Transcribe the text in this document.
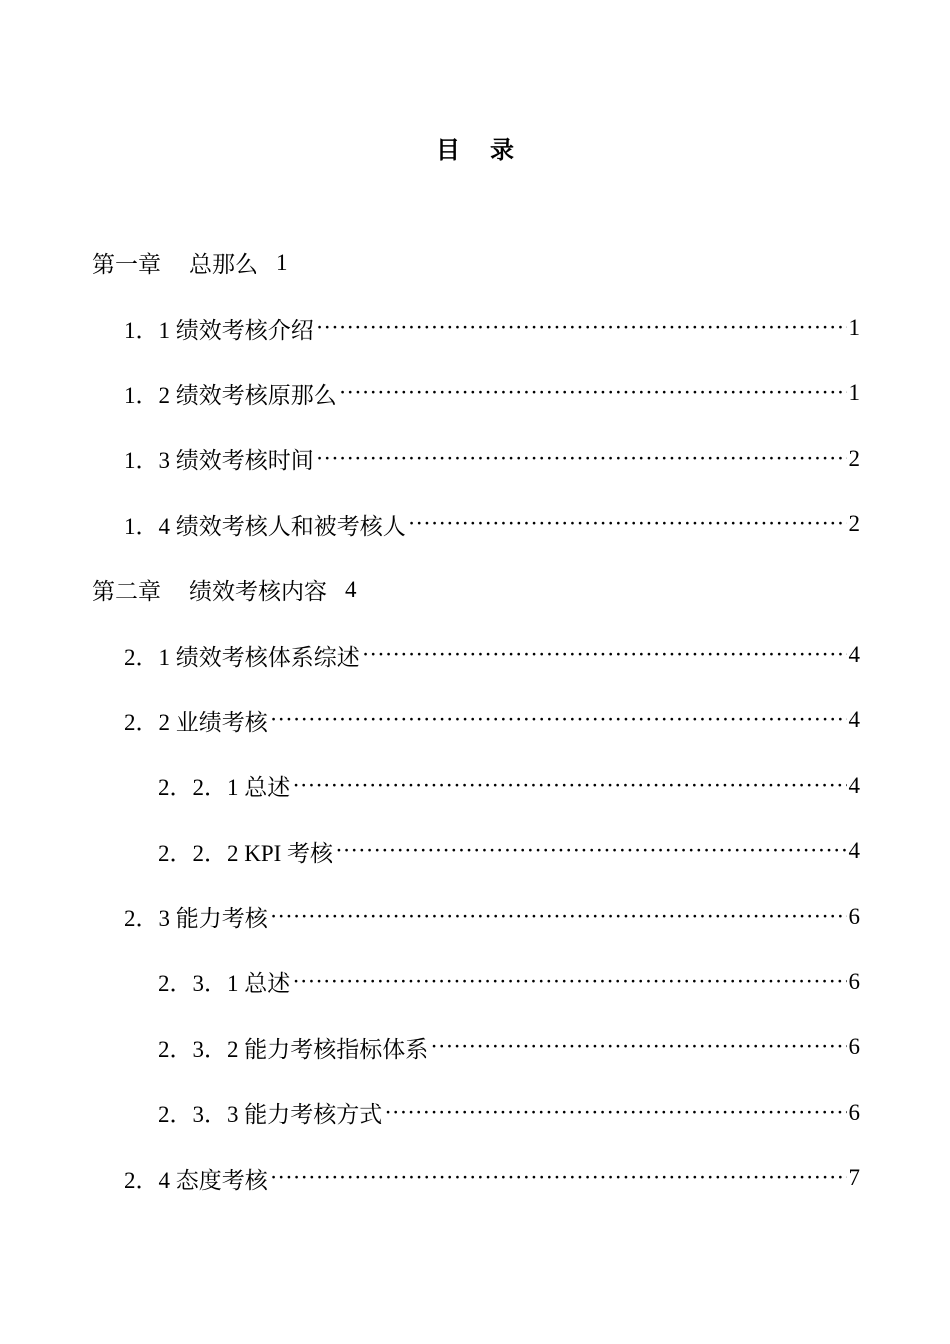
目录
第一章 总那么 1
1．1 绩效考核介绍 ·····	1
1．2 绩效考核原那么 ·····	1
1．3 绩效考核时间 ·····	2
1．4 绩效考核人和被考核人 ·····	2
第二章 绩效考核内容 4
2．1 绩效考核体系综述 ·····	4
2．2 业绩考核 ·····	4
2．2．1 总述 ·····	4
2．2．2 KPI 考核 ·····	4
2．3 能力考核 ·····	6
2．3．1 总述 ·····	6
2．3．2 能力考核指标体系 ·····	6
2．3．3 能力考核方式 ·····	6
2．4 态度考核 ·····	7
